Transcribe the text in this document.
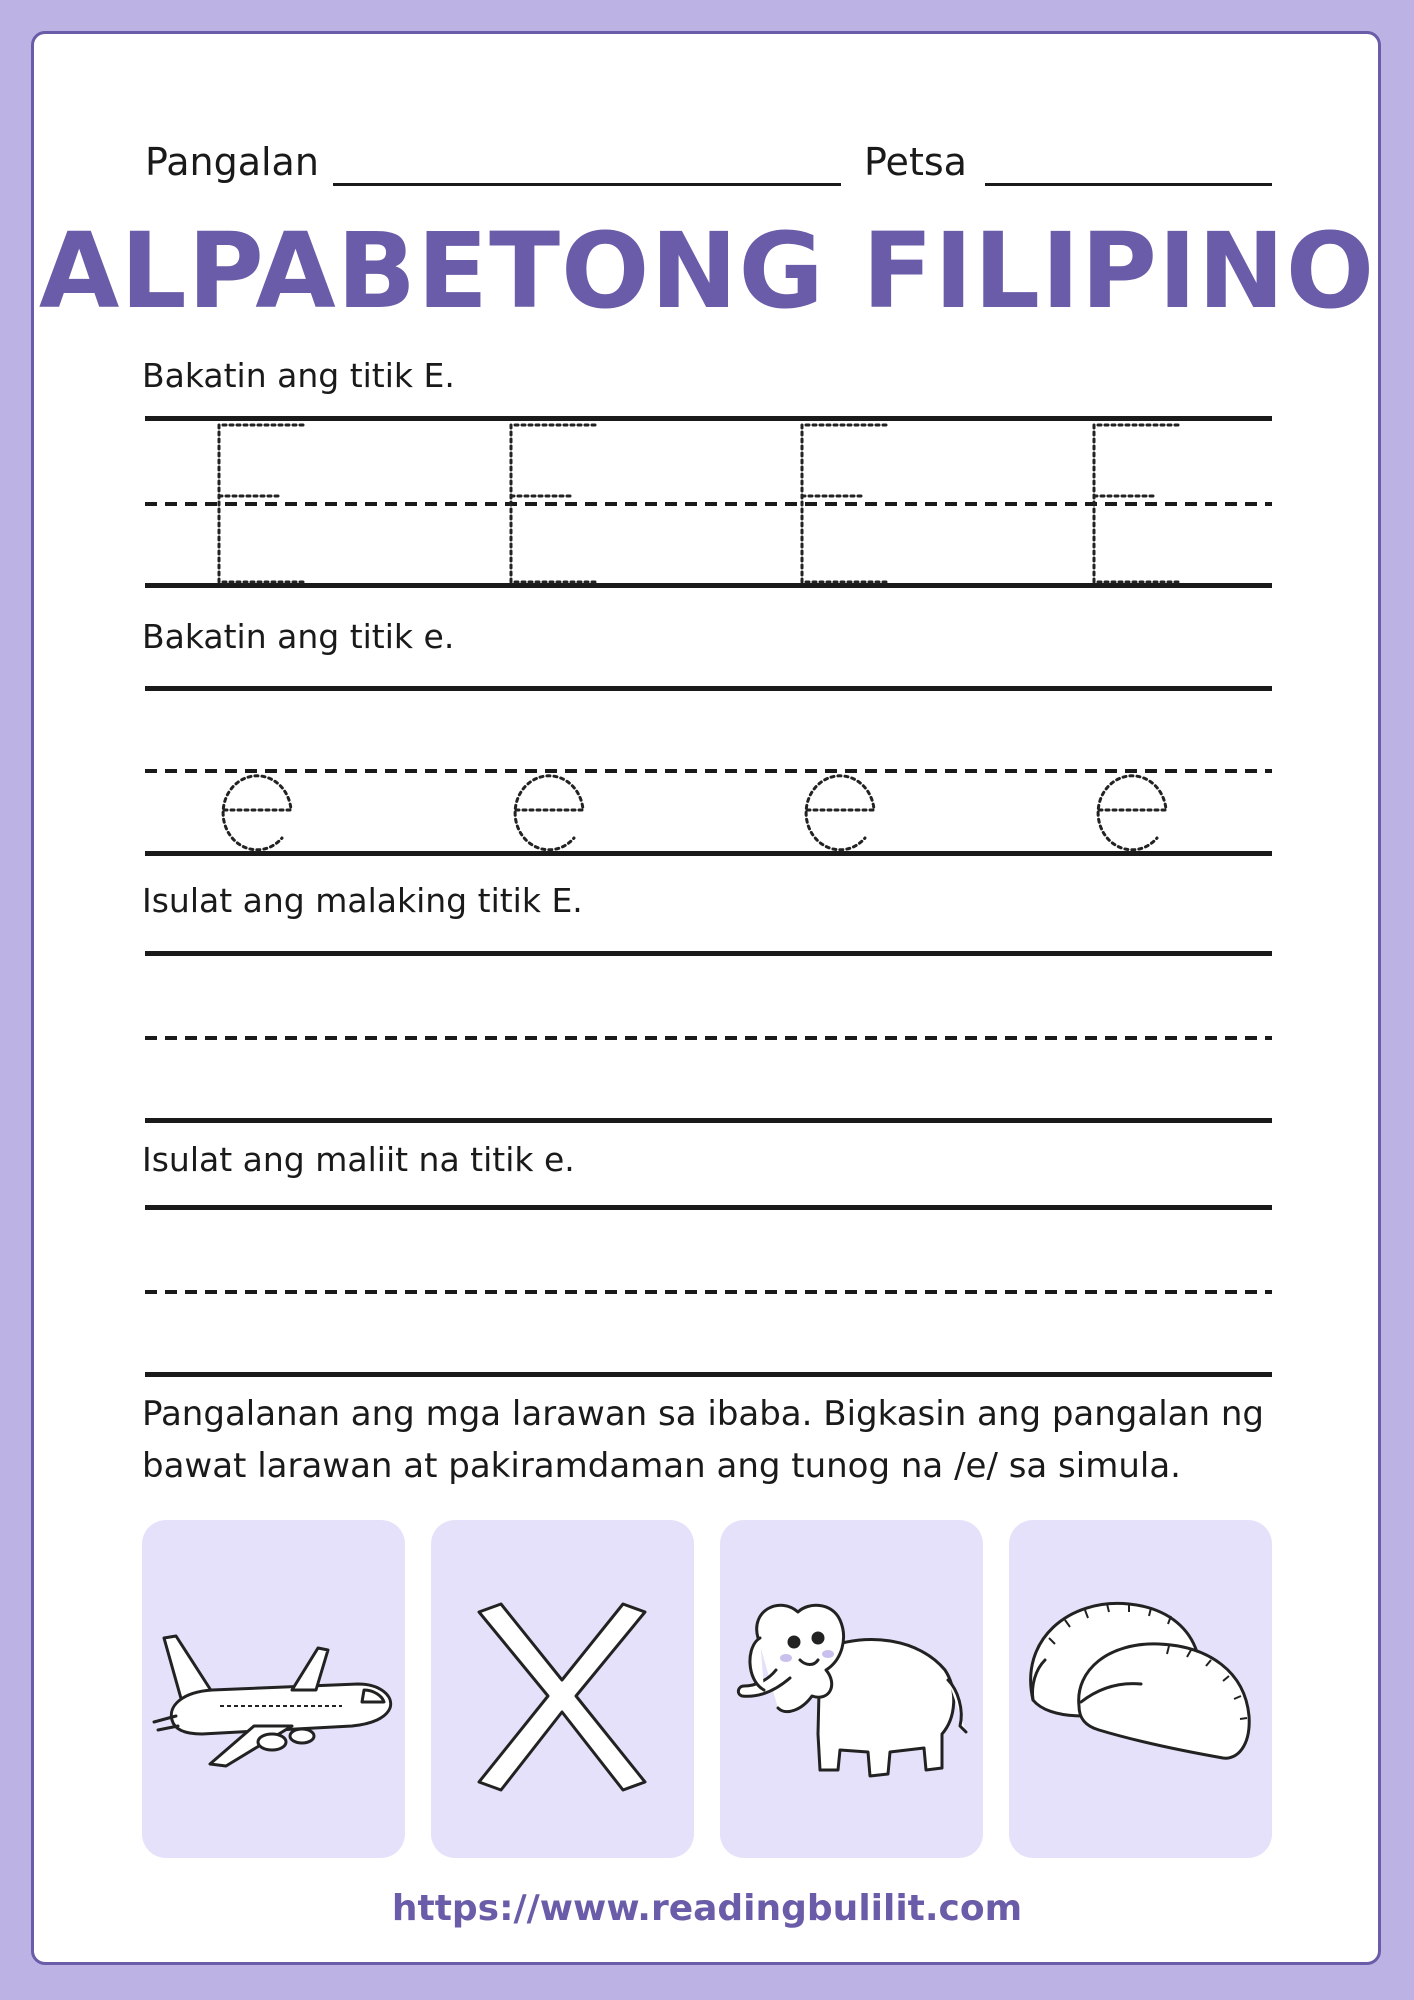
Pangalan	Petsa
ALPABETONG FILIPINO
Bakatin ang titik E.
Bakatin ang titik e.
Isulat ang malaking titik E.
Isulat ang maliit na titik e.
Pangalanan ang mga larawan sa ibaba. Bigkasin ang pangalan ng bawat larawan at pakiramdaman ang tunog na /e/ sa simula.
https://www.readingbulilit.com
